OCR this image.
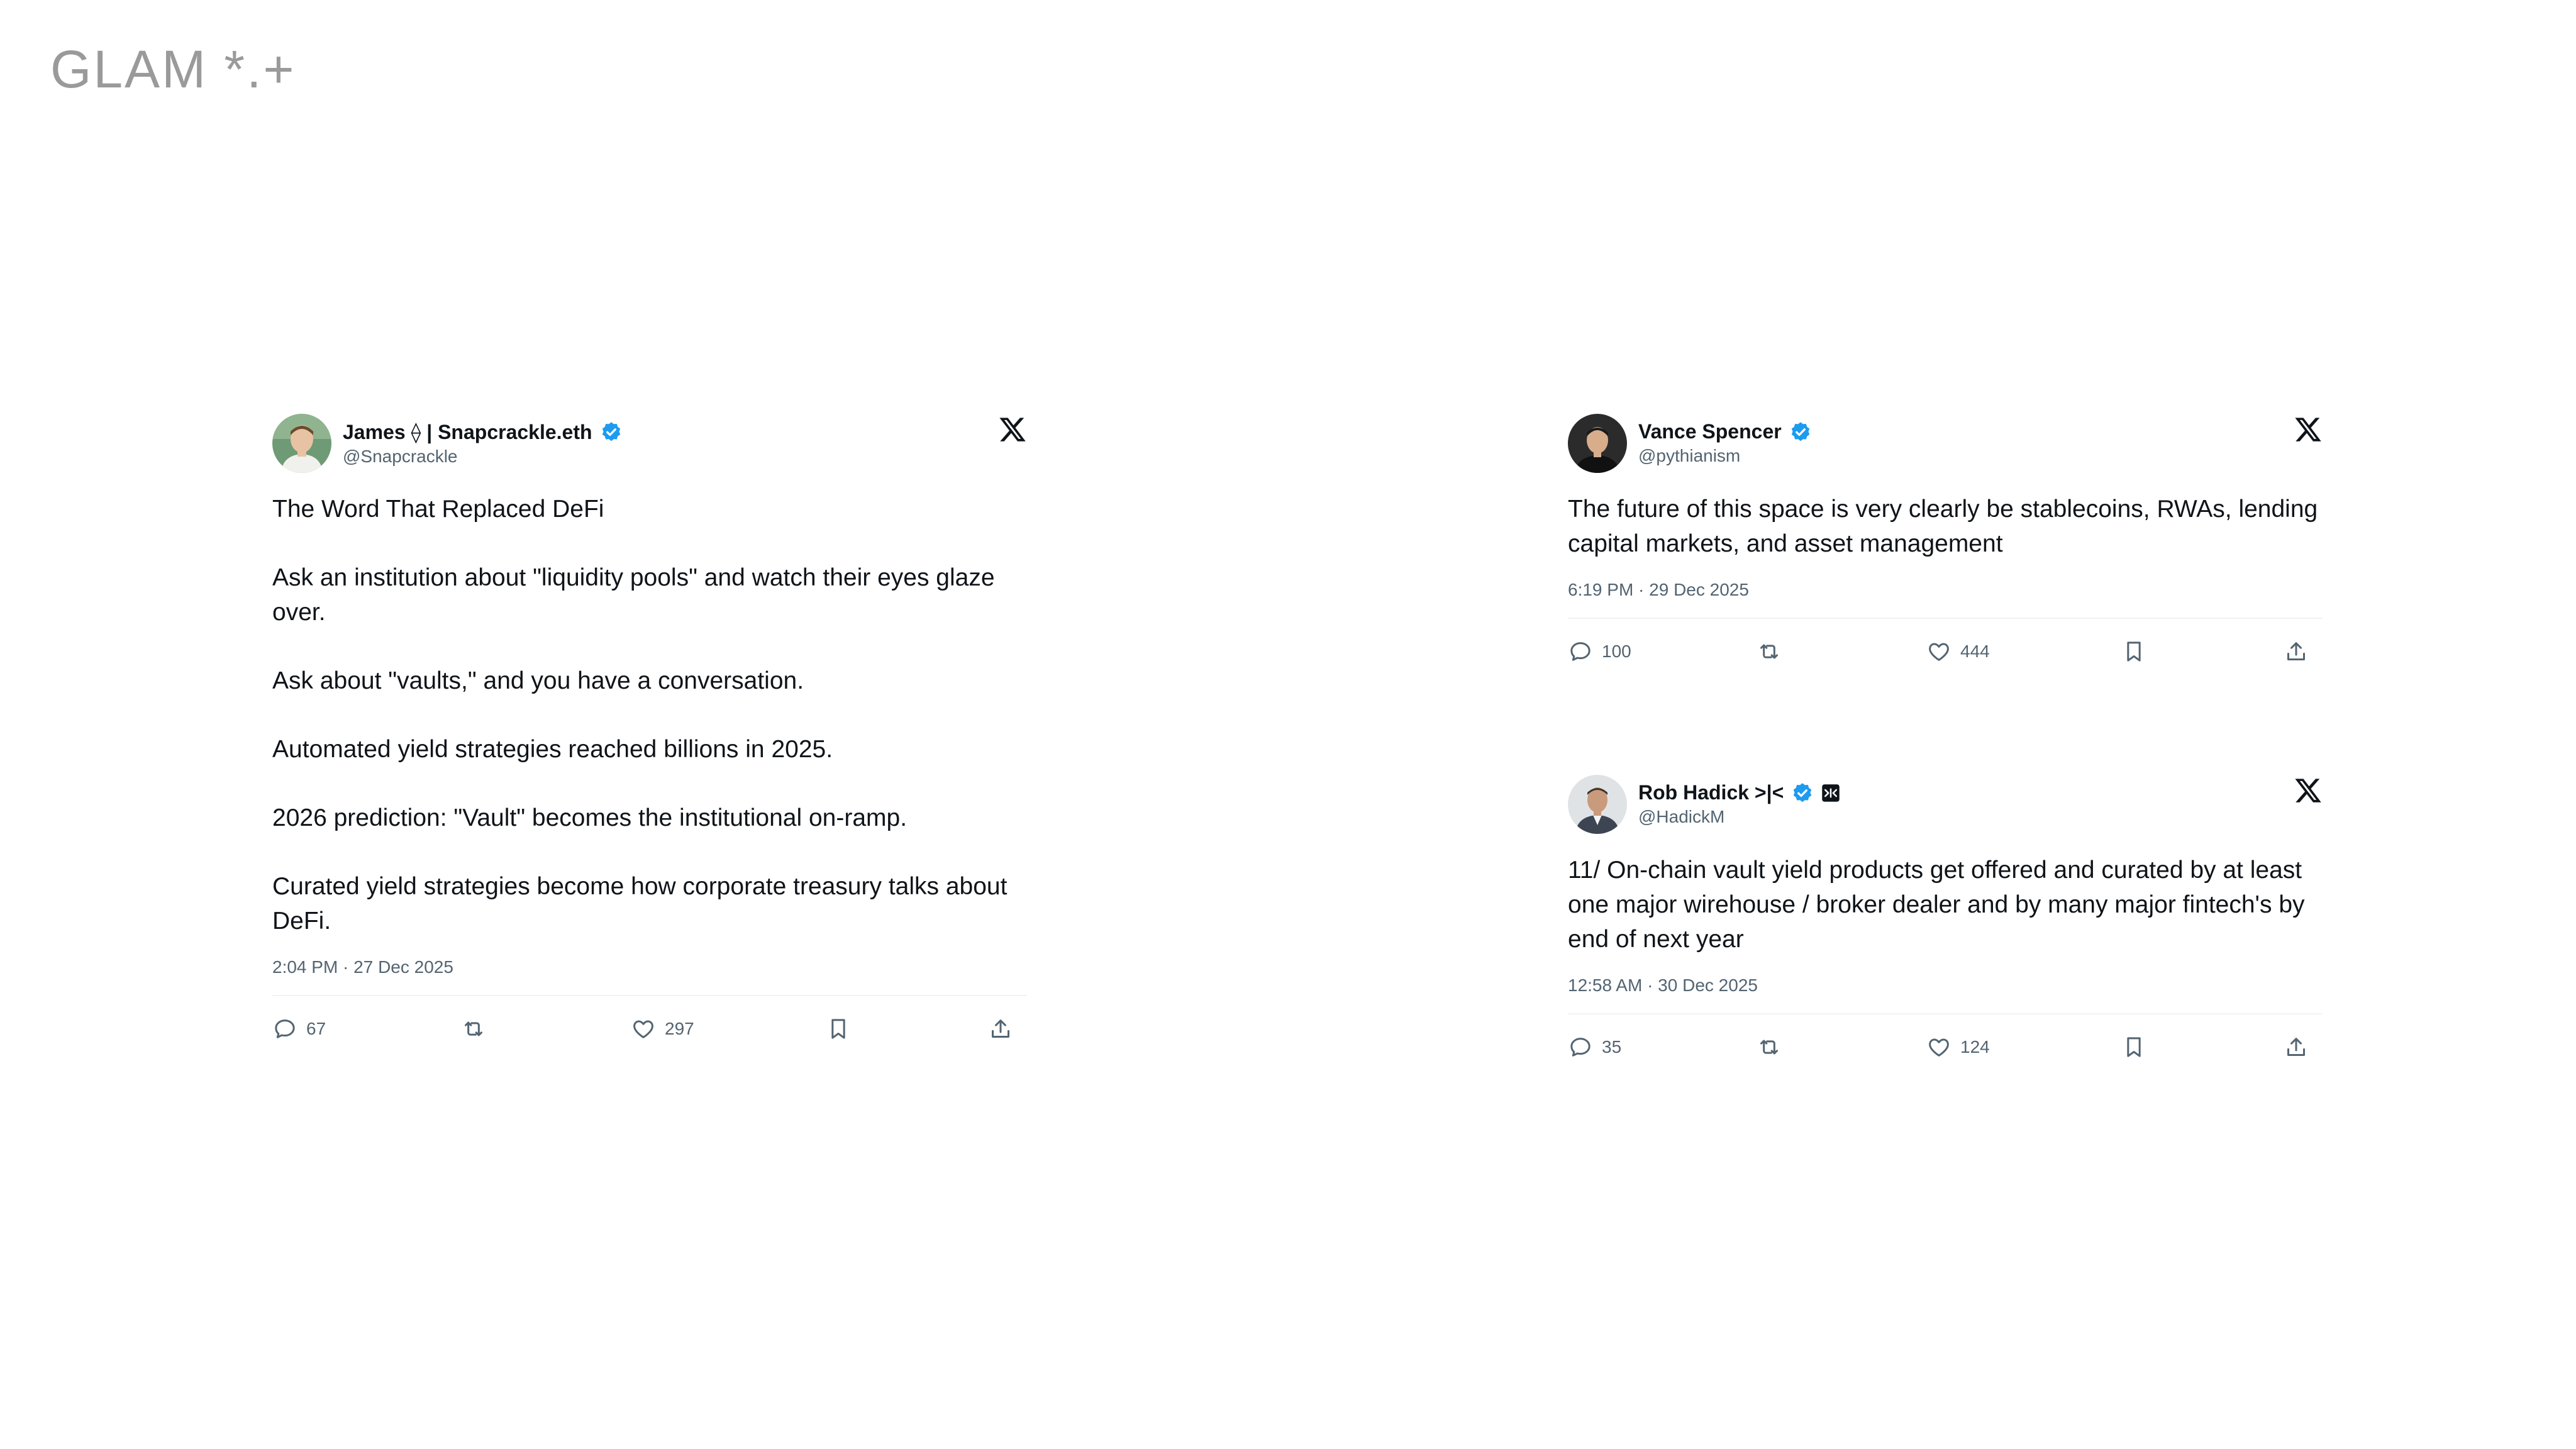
GLAM *.+
James ⟠ | Snapcrackle.eth
@Snapcrackle

The Word That Replaced DeFi

Ask an institution about "liquidity pools" and watch their eyes glaze over.

Ask about "vaults," and you have a conversation.

Automated yield strategies reached billions in 2025.

2026 prediction: "Vault" becomes the institutional on-ramp.

Curated yield strategies become how corporate treasury talks about DeFi.

2:04 PM · 27 Dec 2025
67	297
Vance Spencer
@pythianism

The future of this space is very clearly be stablecoins, RWAs, lending capital markets, and asset management

6:19 PM · 29 Dec 2025
100	444
Rob Hadick >|<
@HadickM

11/ On-chain vault yield products get offered and curated by at least one major wirehouse / broker dealer and by many major fintech's by end of next year

12:58 AM · 30 Dec 2025
35	124
